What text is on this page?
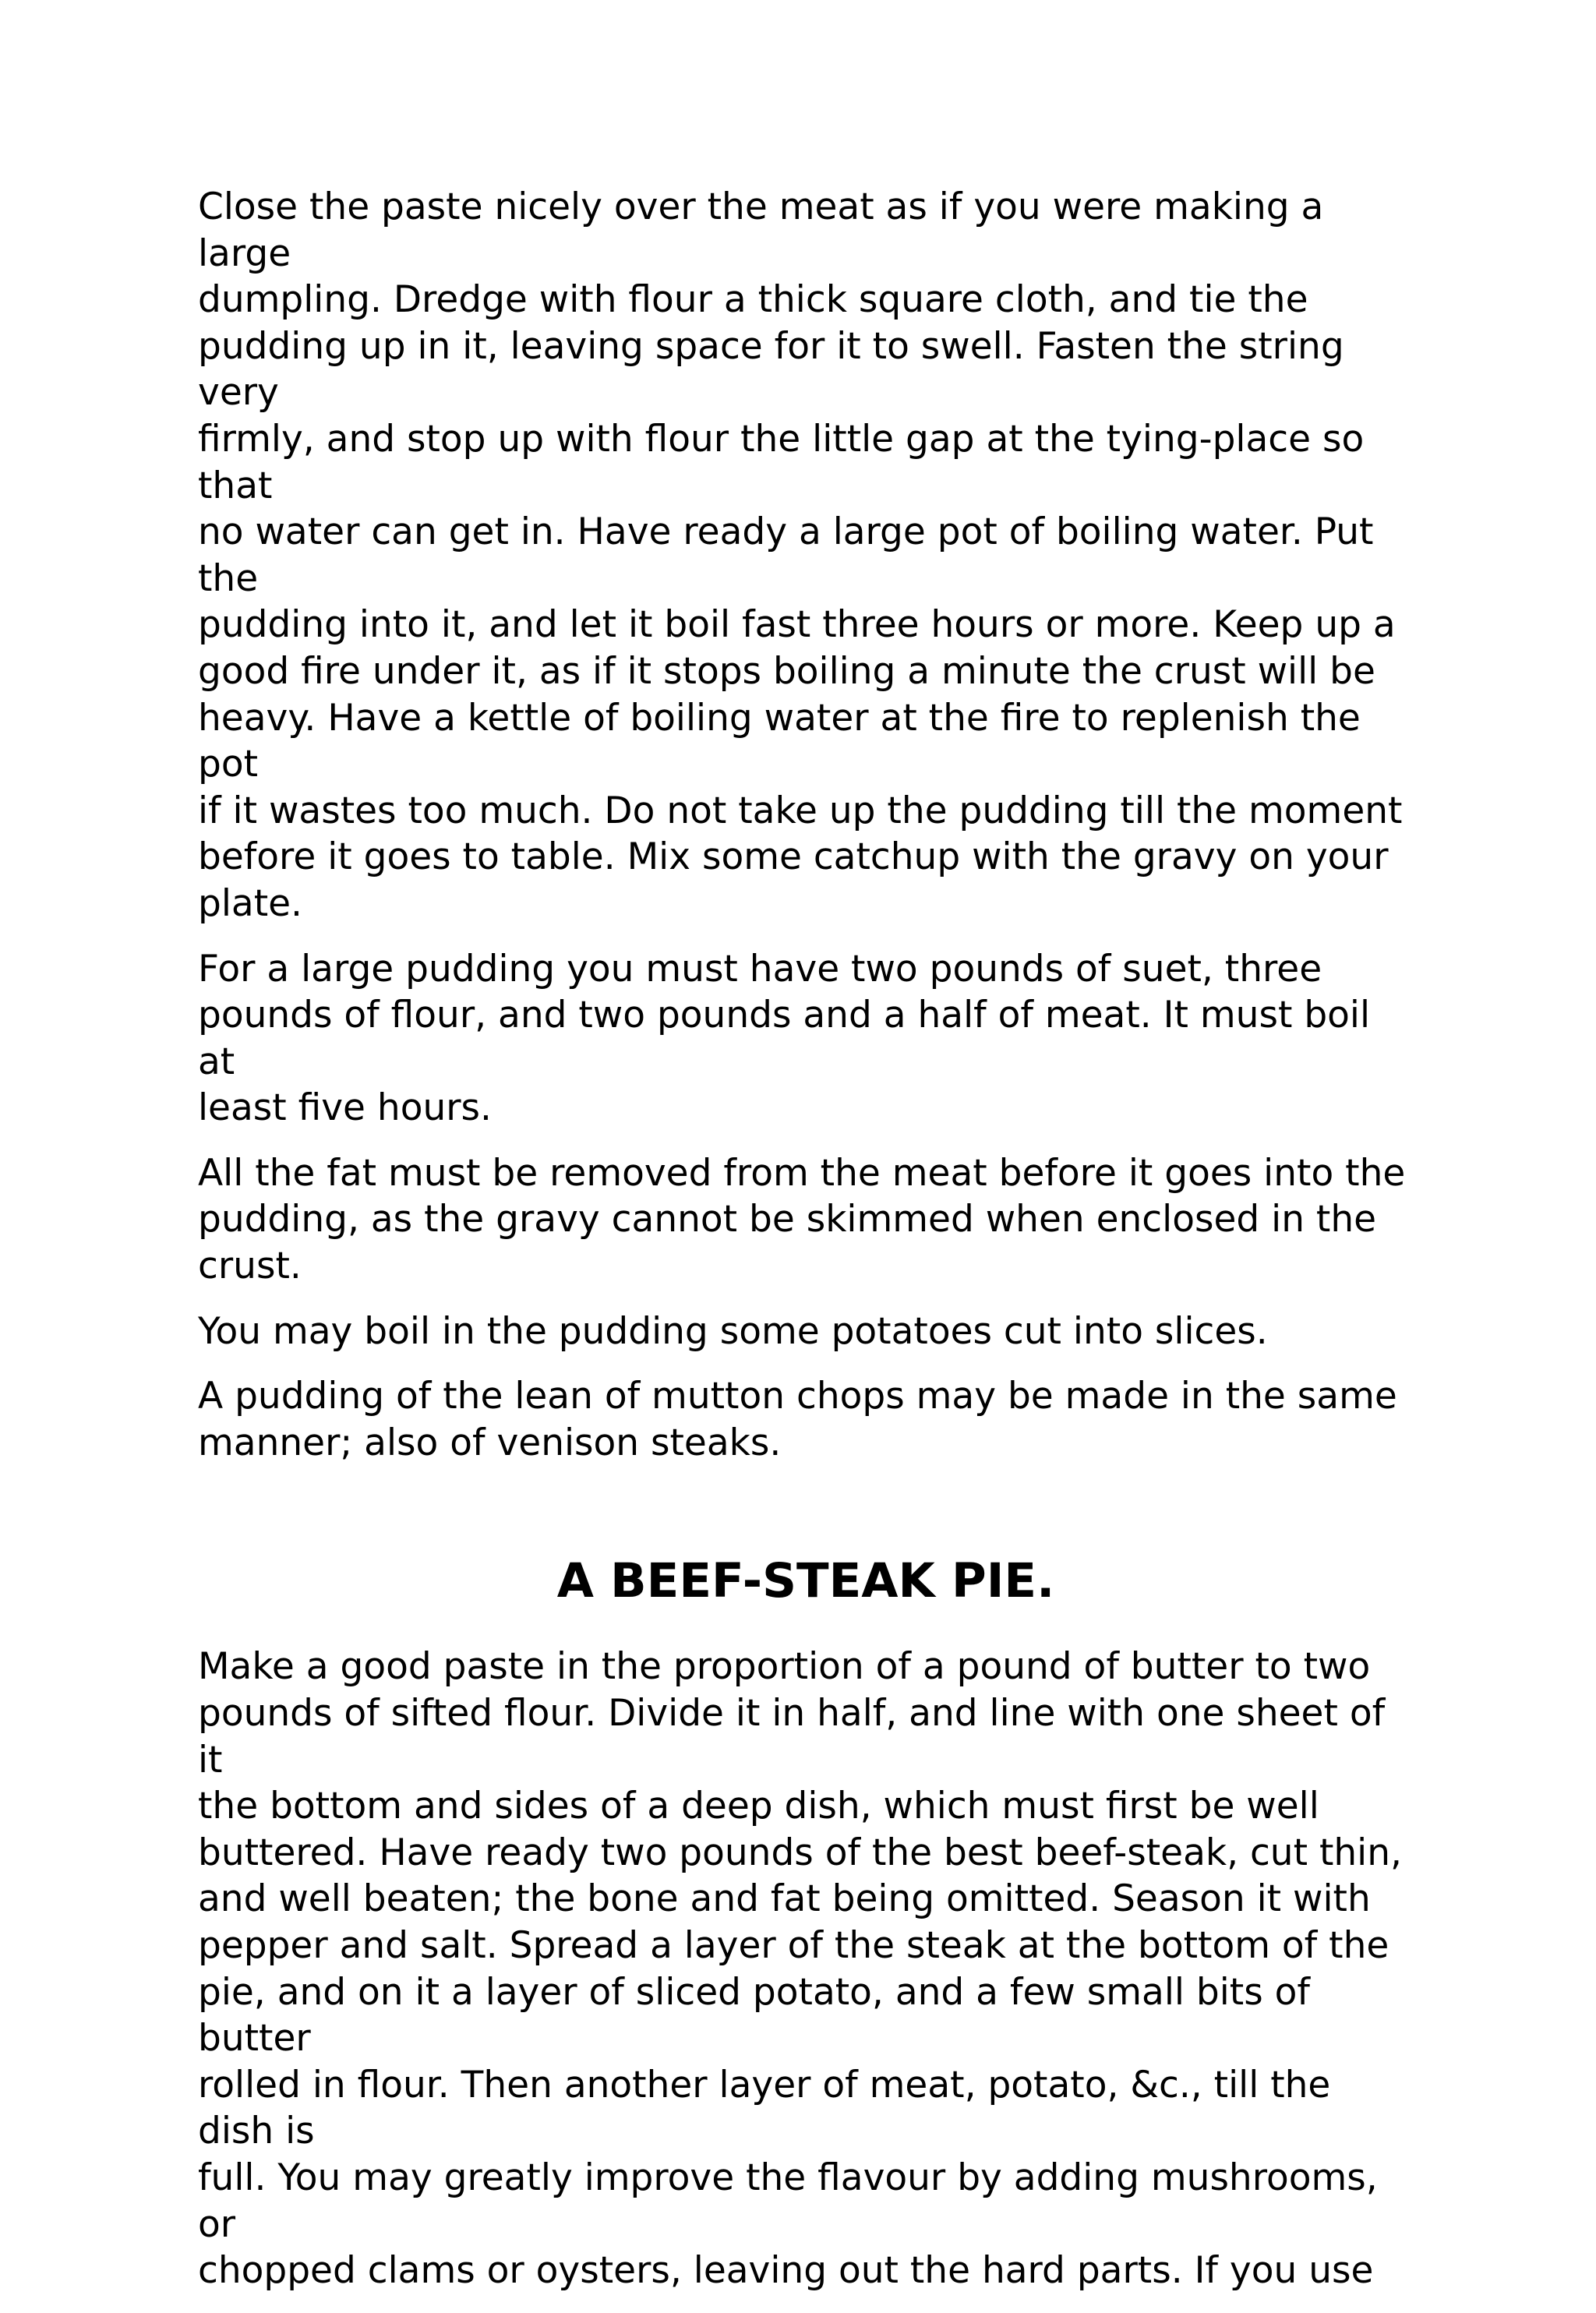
Close the paste nicely over the meat as if you were making a large
dumpling. Dredge with flour a thick square cloth, and tie the
pudding up in it, leaving space for it to swell. Fasten the string very
firmly, and stop up with flour the little gap at the tying-place so that
no water can get in. Have ready a large pot of boiling water. Put the
pudding into it, and let it boil fast three hours or more. Keep up a
good fire under it, as if it stops boiling a minute the crust will be
heavy. Have a kettle of boiling water at the fire to replenish the pot
if it wastes too much. Do not take up the pudding till the moment
before it goes to table. Mix some catchup with the gravy on your
plate.

For a large pudding you must have two pounds of suet, three
pounds of flour, and two pounds and a half of meat. It must boil at
least five hours.

All the fat must be removed from the meat before it goes into the
pudding, as the gravy cannot be skimmed when enclosed in the
crust.

You may boil in the pudding some potatoes cut into slices.

A pudding of the lean of mutton chops may be made in the same
manner; also of venison steaks.

A BEEF-STEAK PIE.

Make a good paste in the proportion of a pound of butter to two
pounds of sifted flour. Divide it in half, and line with one sheet of it
the bottom and sides of a deep dish, which must first be well
buttered. Have ready two pounds of the best beef-steak, cut thin,
and well beaten; the bone and fat being omitted. Season it with
pepper and salt. Spread a layer of the steak at the bottom of the
pie, and on it a layer of sliced potato, and a few small bits of butter
rolled in flour. Then another layer of meat, potato, &c., till the dish is
full. You may greatly improve the flavour by adding mushrooms, or
chopped clams or oysters, leaving out the hard parts. If you use
